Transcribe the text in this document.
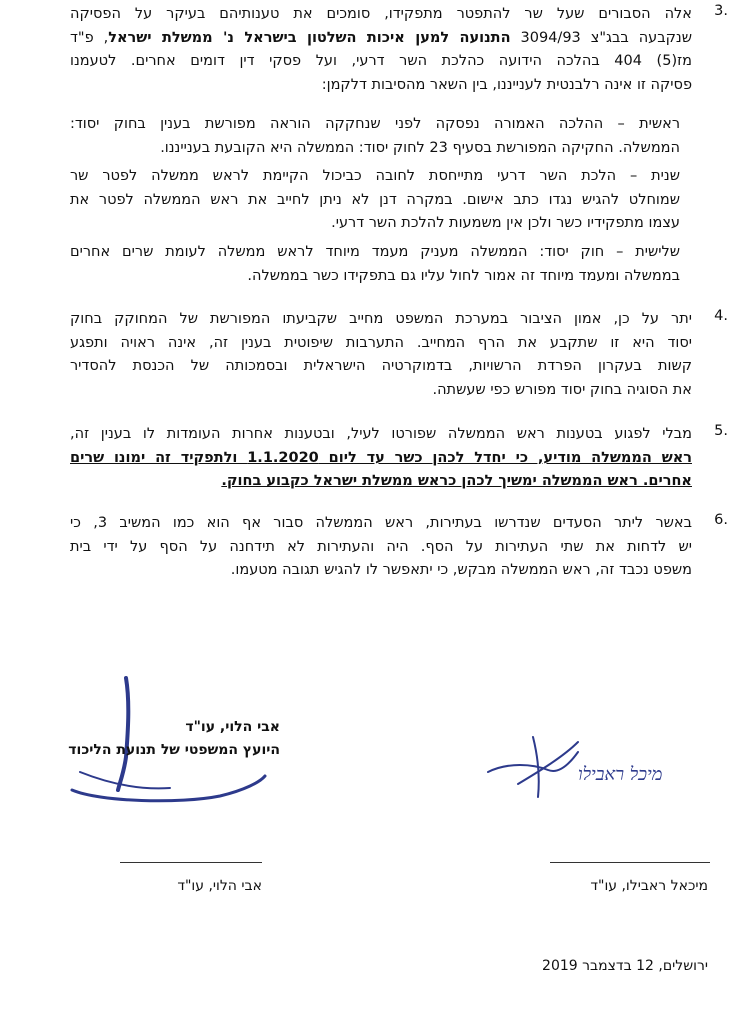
.3
אלה הסבורים שעל שר להתפטר מתפקידו, סומכים את טענותיהם בעיקר על הפסיקה
שנקבעה בבג"צ 3094/93 התנועה למען איכות השלטון בישראל נ' ממשלת ישראל, פ"ד
מז(5) 404 בהלכה הידועה כהלכת השר דרעי, ועל פסקי דין דומים אחרים. לטעמנו
פסיקה זו אינה רלבנטית לענייננו, בין השאר מהסיבות דלקמן:
ראשית – ההלכה האמורה נפסקה לפני שנחקקה הוראה מפורשת בענין בחוק יסוד:
הממשלה. החקיקה המפורשת בסעיף 23 לחוק יסוד: הממשלה היא הקובעת בענייננו.
שנית – הלכת השר דרעי מתייחסת לחובה כביכול הקיימת לראש ממשלה לפטר שר
שמוחלט להגיש נגדו כתב אישום. במקרה דנן לא ניתן לחייב את ראש הממשלה לפטר את
עצמו מתפקידיו כשר ולכן אין משמעות להלכת השר דרעי.
שלישית – חוק יסוד: הממשלה מעניק מעמד מיוחד לראש ממשלה לעומת שרים אחרים
בממשלה ומעמד מיוחד זה אמור לחול עליו גם בתפקידו כשר בממשלה.
.4
יתר על כן, אמון הציבור במערכת המשפט מחייב שקביעתו המפורשת של המחוקק בחוק
יסוד היא זו שתקבע את הרף המחייב. התערבות שיפוטית בענין זה, אינה ראויה ותפגע
קשות בעקרון הפרדת הרשויות, בדמוקרטיה הישראלית ובסמכותה של הכנסת להסדיר
את הסוגיה בחוק יסוד מפורש כפי שעשתה.
.5
מבלי לפגוע בטענות ראש הממשלה שפורטו לעיל, ובטענות אחרות העומדות לו בענין זה,
ראש הממשלה מודיע, כי יחדל לכהן כשר עד ליום 1.1.2020 ולתפקיד זה ימונו שרים
אחרים. ראש הממשלה ימשיך לכהן כראש ממשלת ישראל כקבוע בחוק.
.6
באשר ליתר הסעדים שנדרשו בעתירות, ראש הממשלה סבור אף הוא כמו המשיב 3, כי
יש לדחות את שתי העתירות על הסף. היה והעתירות לא תידחנה על הסף על ידי בית
משפט נכבד זה, ראש הממשלה מבקש, כי יתאפשר לו להגיש תגובה מטעמו.
אבי הלוי, עו"ד
היועץ המשפטי של תנועת הליכוד
מיכל ראבילו
אבי הלוי, עו"ד	מיכאל ראבילו, עו"ד
ירושלים, 12 בדצמבר 2019
